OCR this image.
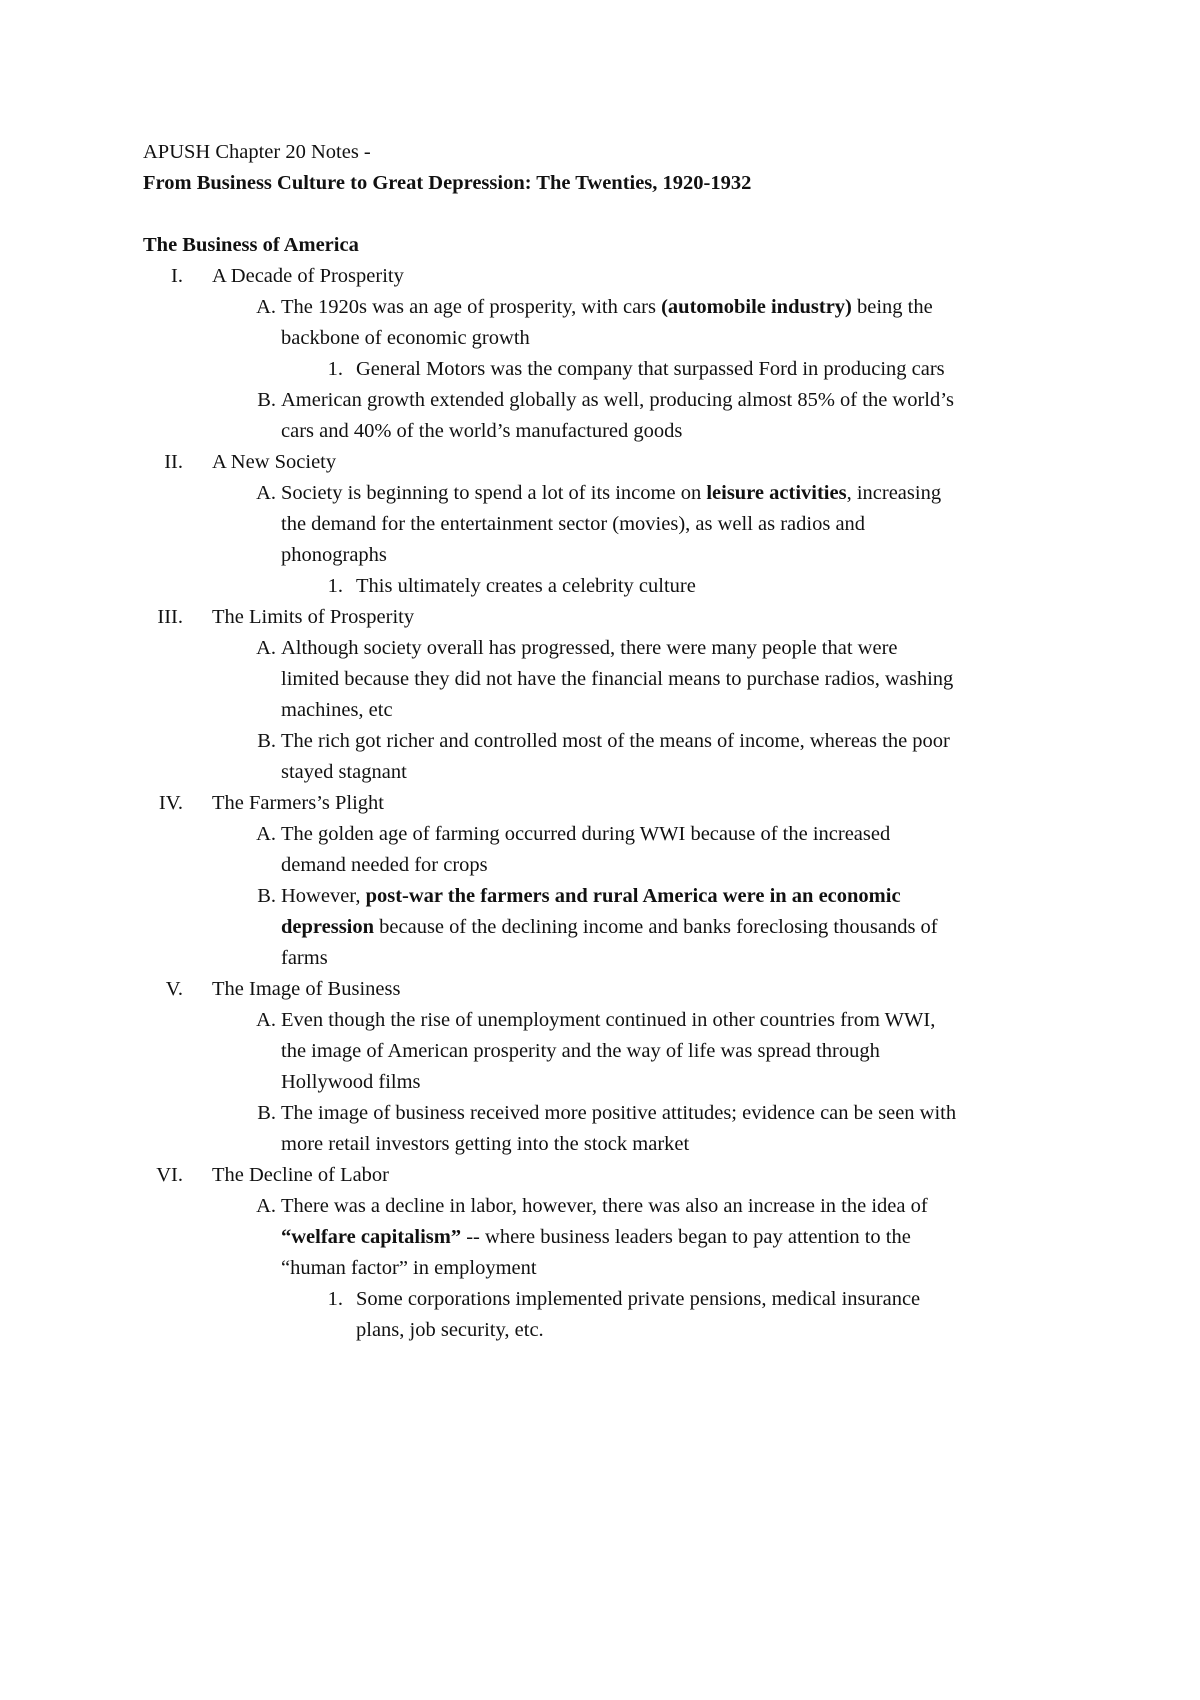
APUSH Chapter 20 Notes -
From Business Culture to Great Depression: The Twenties, 1920-1932
The Business of America
I.	A Decade of Prosperity
A. The 1920s was an age of prosperity, with cars (automobile industry) being the
backbone of economic growth
1. General Motors was the company that surpassed Ford in producing cars
B. American growth extended globally as well, producing almost 85% of the world’s
cars and 40% of the world’s manufactured goods
II.	A New Society
A. Society is beginning to spend a lot of its income on leisure activities, increasing
the demand for the entertainment sector (movies), as well as radios and
phonographs
1. This ultimately creates a celebrity culture
III.	The Limits of Prosperity
A. Although society overall has progressed, there were many people that were
limited because they did not have the financial means to purchase radios, washing
machines, etc
B. The rich got richer and controlled most of the means of income, whereas the poor
stayed stagnant
IV.	The Farmers’s Plight
A. The golden age of farming occurred during WWI because of the increased
demand needed for crops
B. However, post-war the farmers and rural America were in an economic
depression because of the declining income and banks foreclosing thousands of
farms
V.	The Image of Business
A. Even though the rise of unemployment continued in other countries from WWI,
the image of American prosperity and the way of life was spread through
Hollywood films
B. The image of business received more positive attitudes; evidence can be seen with
more retail investors getting into the stock market
VI.	The Decline of Labor
A. There was a decline in labor, however, there was also an increase in the idea of
“welfare capitalism” -- where business leaders began to pay attention to the
“human factor” in employment
1. Some corporations implemented private pensions, medical insurance
plans, job security, etc.
